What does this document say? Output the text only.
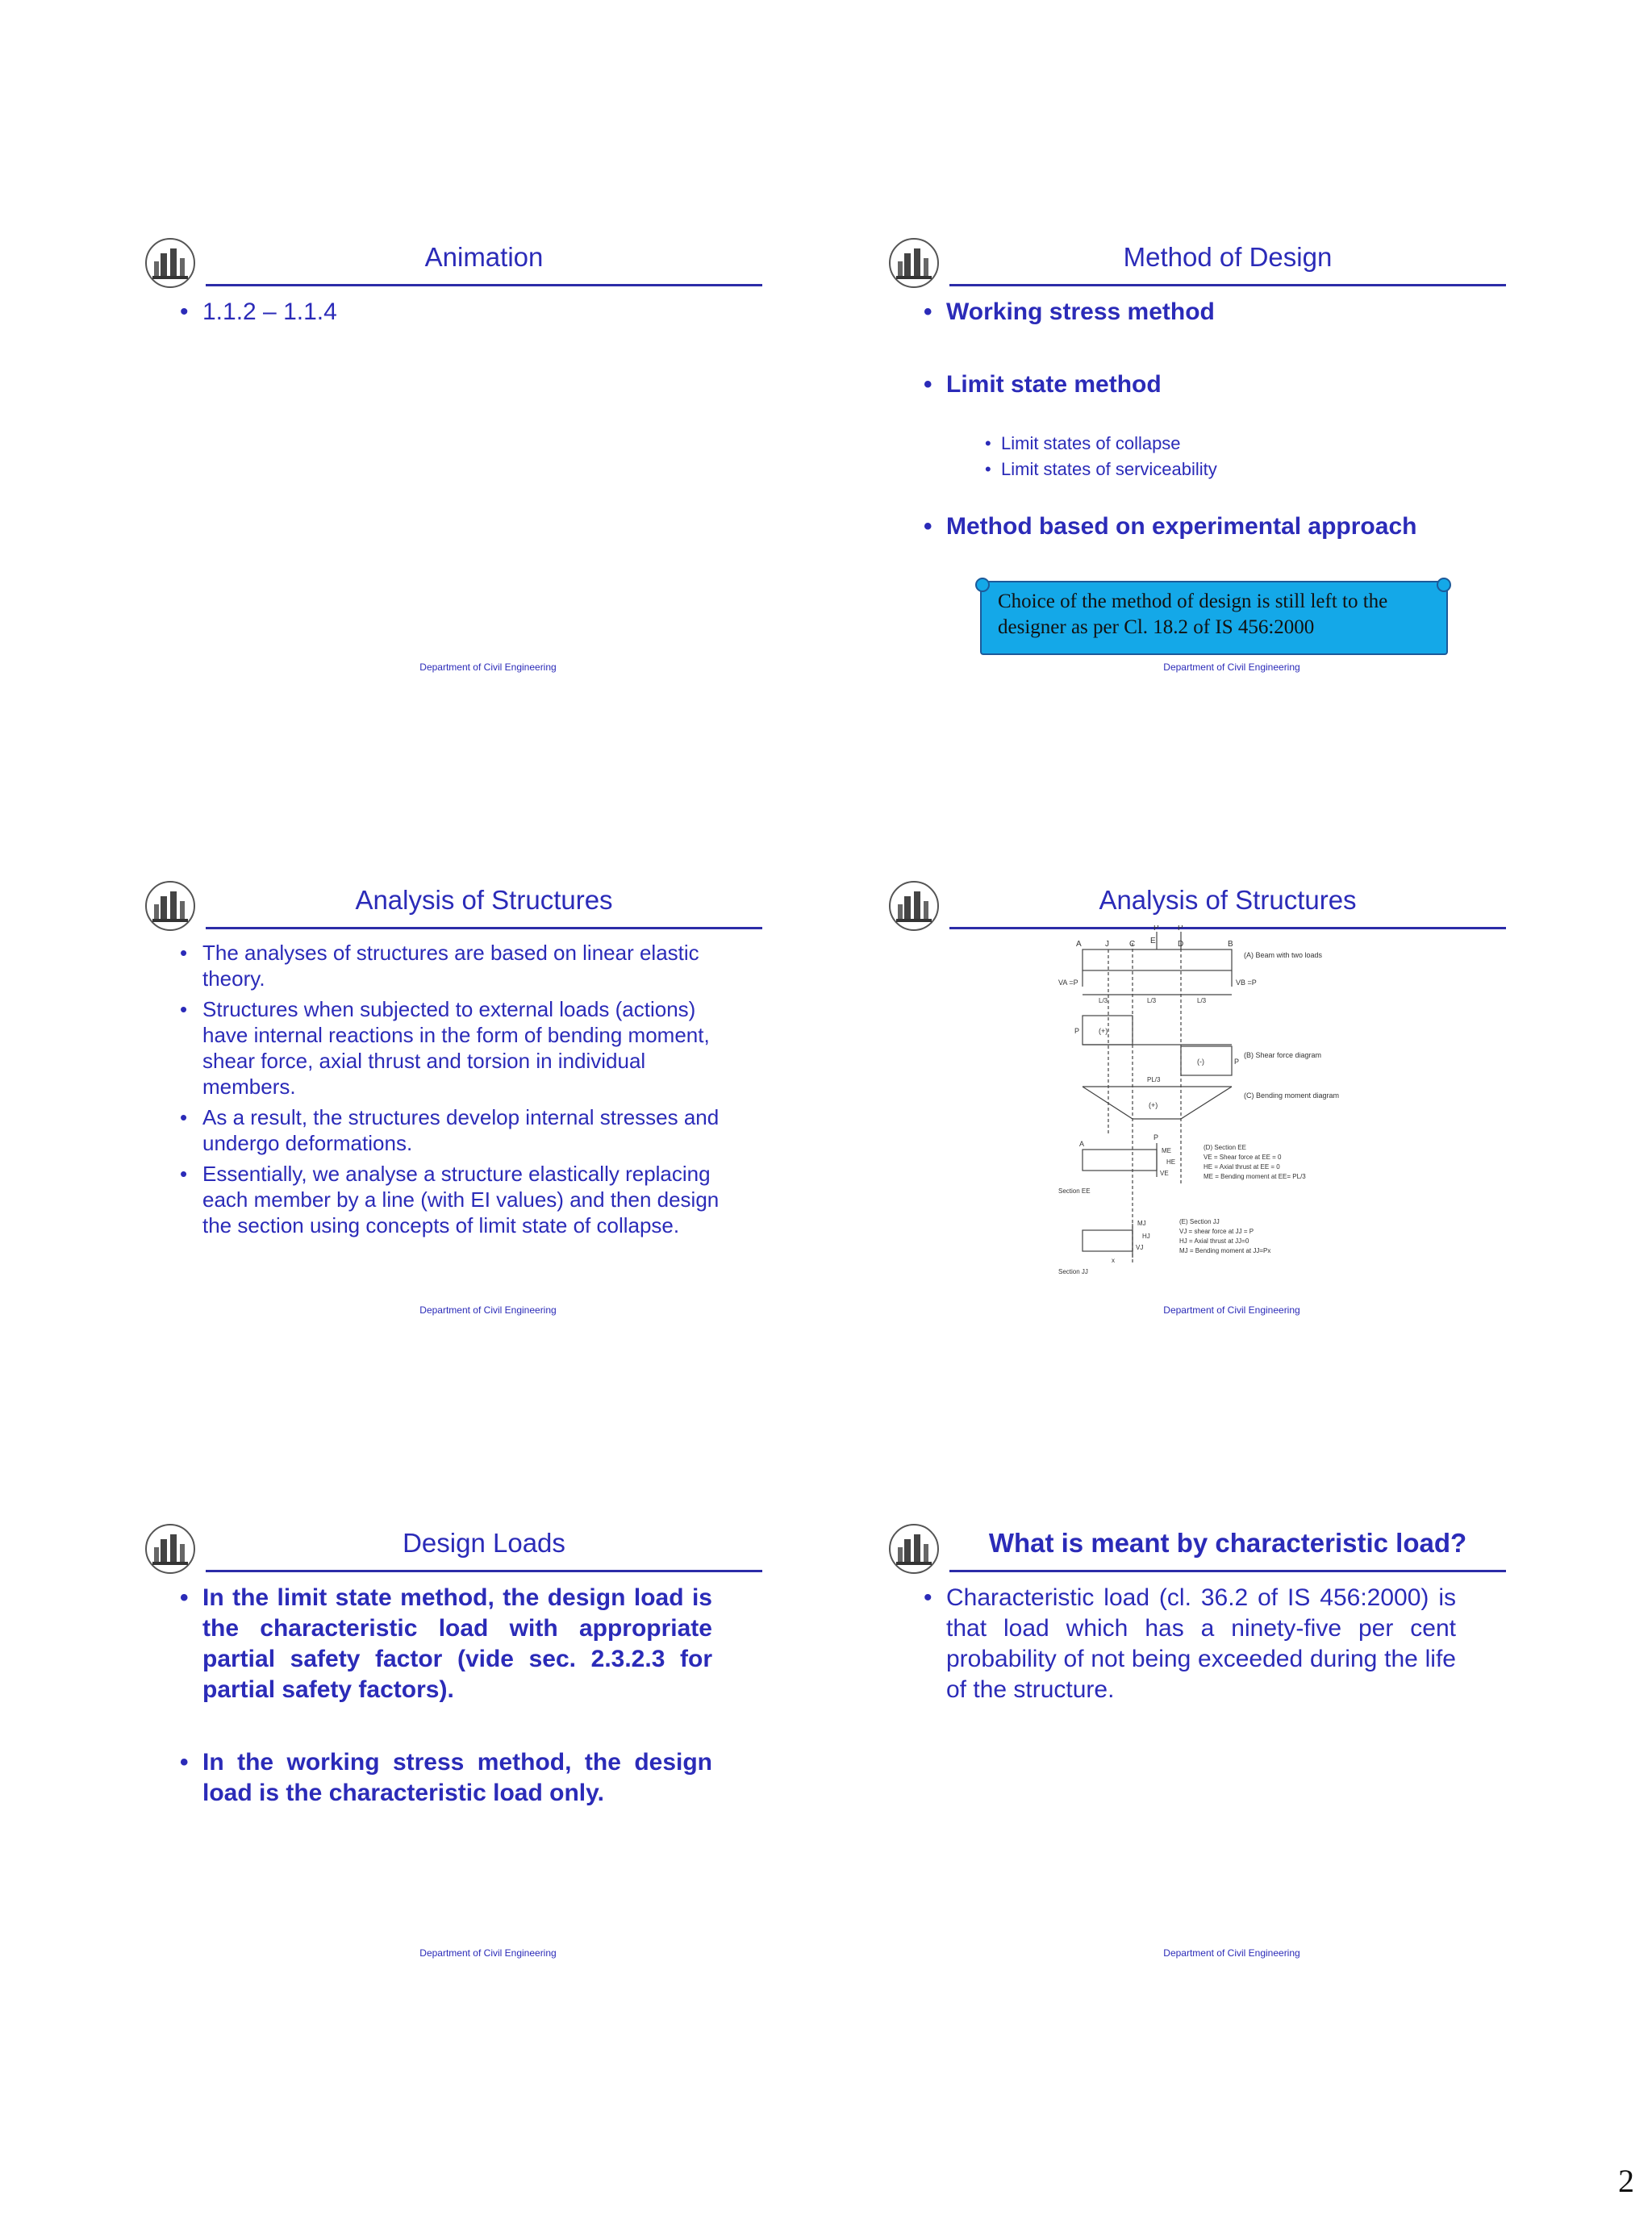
Animation
• 1.1.2 – 1.1.4
Department of Civil Engineering
Method of Design
• Working stress method
• Limit state method
• Limit states of collapse
• Limit states of serviceability
• Method based on experimental approach
Choice of the method of design is still left to the designer as per Cl. 18.2 of IS 456:2000
Department of Civil Engineering
Analysis of Structures
• The analyses of structures are based on linear elastic theory.
• Structures when subjected to external loads (actions) have internal reactions in the form of bending moment, shear force, axial thrust and torsion in individual members.
• As a result, the structures develop internal stresses and undergo deformations.
• Essentially, we analyse a structure elastically replacing each member by a line (with EI values) and then design the section using concepts of limit state of collapse.
Department of Civil Engineering
Analysis of Structures
P P
A	J	C E	D	B
(A) Beam with two loads
VA =P	VB =P
L/3	L/3	L/3
(+)
P
(-)	P
(B) Shear force diagram
PL/3
(+)
(C) Bending moment diagram
A
P
ME
HE
VE
(D) Section EE
VE = Shear force at EE = 0
HE = Axial thrust at EE = 0
ME = Bending moment at EE= PL/3
Section EE
MJ
HJ
VJ
x
(E) Section JJ
VJ = shear force at JJ = P
HJ = Axial thrust at JJ=0
MJ = Bending moment at JJ=Px
Section JJ
Department of Civil Engineering
Design Loads
• In the limit state method, the design load is the characteristic load with appropriate partial safety factor (vide sec. 2.3.2.3 for partial safety factors).
• In the working stress method, the design load is the characteristic load only.
Department of Civil Engineering
What is meant by characteristic load?
• Characteristic load (cl. 36.2 of IS 456:2000) is that load which has a ninety-five per cent probability of not being exceeded during the life of the structure.
Department of Civil Engineering
2
